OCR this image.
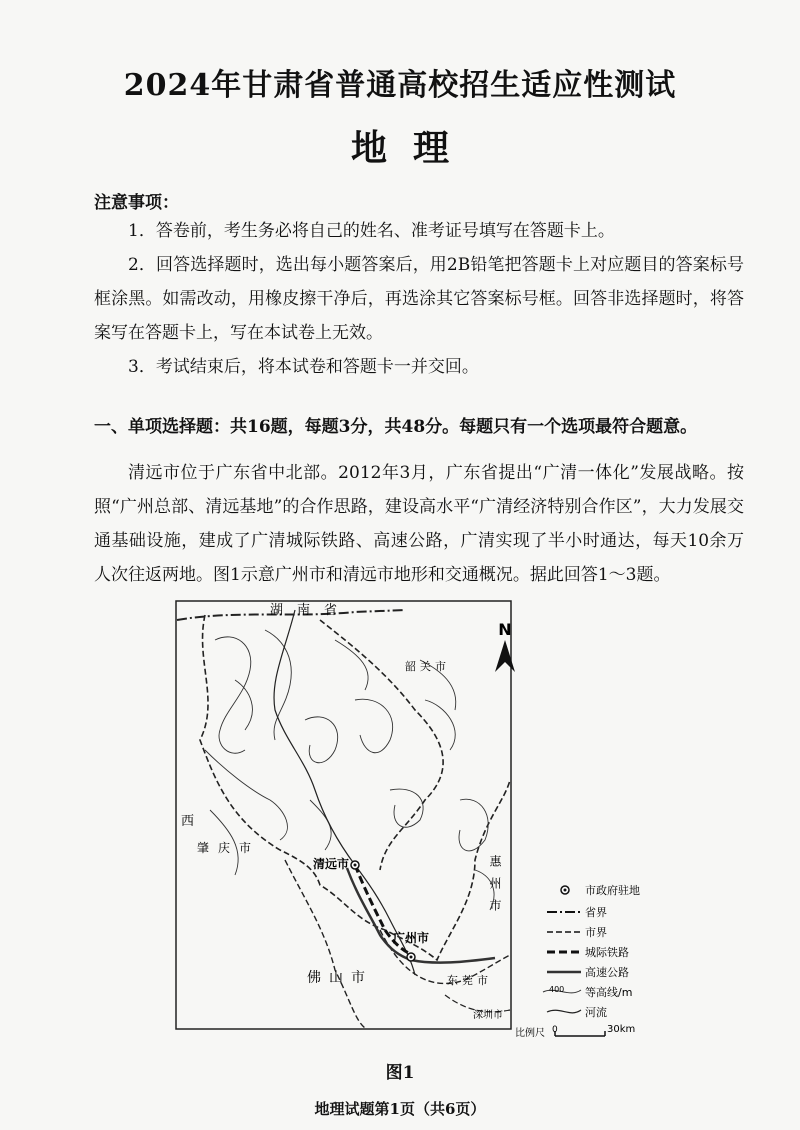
2024年甘肃省普通高校招生适应性测试
地理
注意事项：
1．答卷前，考生务必将自己的姓名、准考证号填写在答题卡上。
2．回答选择题时，选出每小题答案后，用2B铅笔把答题卡上对应题目的答案标号框涂黑。如需改动，用橡皮擦干净后，再选涂其它答案标号框。回答非选择题时，将答案写在答题卡上，写在本试卷上无效。
3．考试结束后，将本试卷和答题卡一并交回。
一、单项选择题：共16题，每题3分，共48分。每题只有一个选项最符合题意。
清远市位于广东省中北部。2012年3月，广东省提出“广清一体化”发展战略。按照“广州总部、清远基地”的合作思路，建设高水平“广清经济特别合作区”，大力发展交通基础设施，建成了广清城际铁路、高速公路，广清实现了半小时通达，每天10余万人次往返两地。图1示意广州市和清远市地形和交通概况。据此回答1～3题。
N
湖南省
韶关市
西
肇庆市
清远市
广州市
惠州市
佛山市	东莞市
深圳市
市政府驻地
省界
市界
城际铁路
高速公路
400 等高线/m
河流
比例尺 0	30km
图1
地理试题第1页（共6页）
